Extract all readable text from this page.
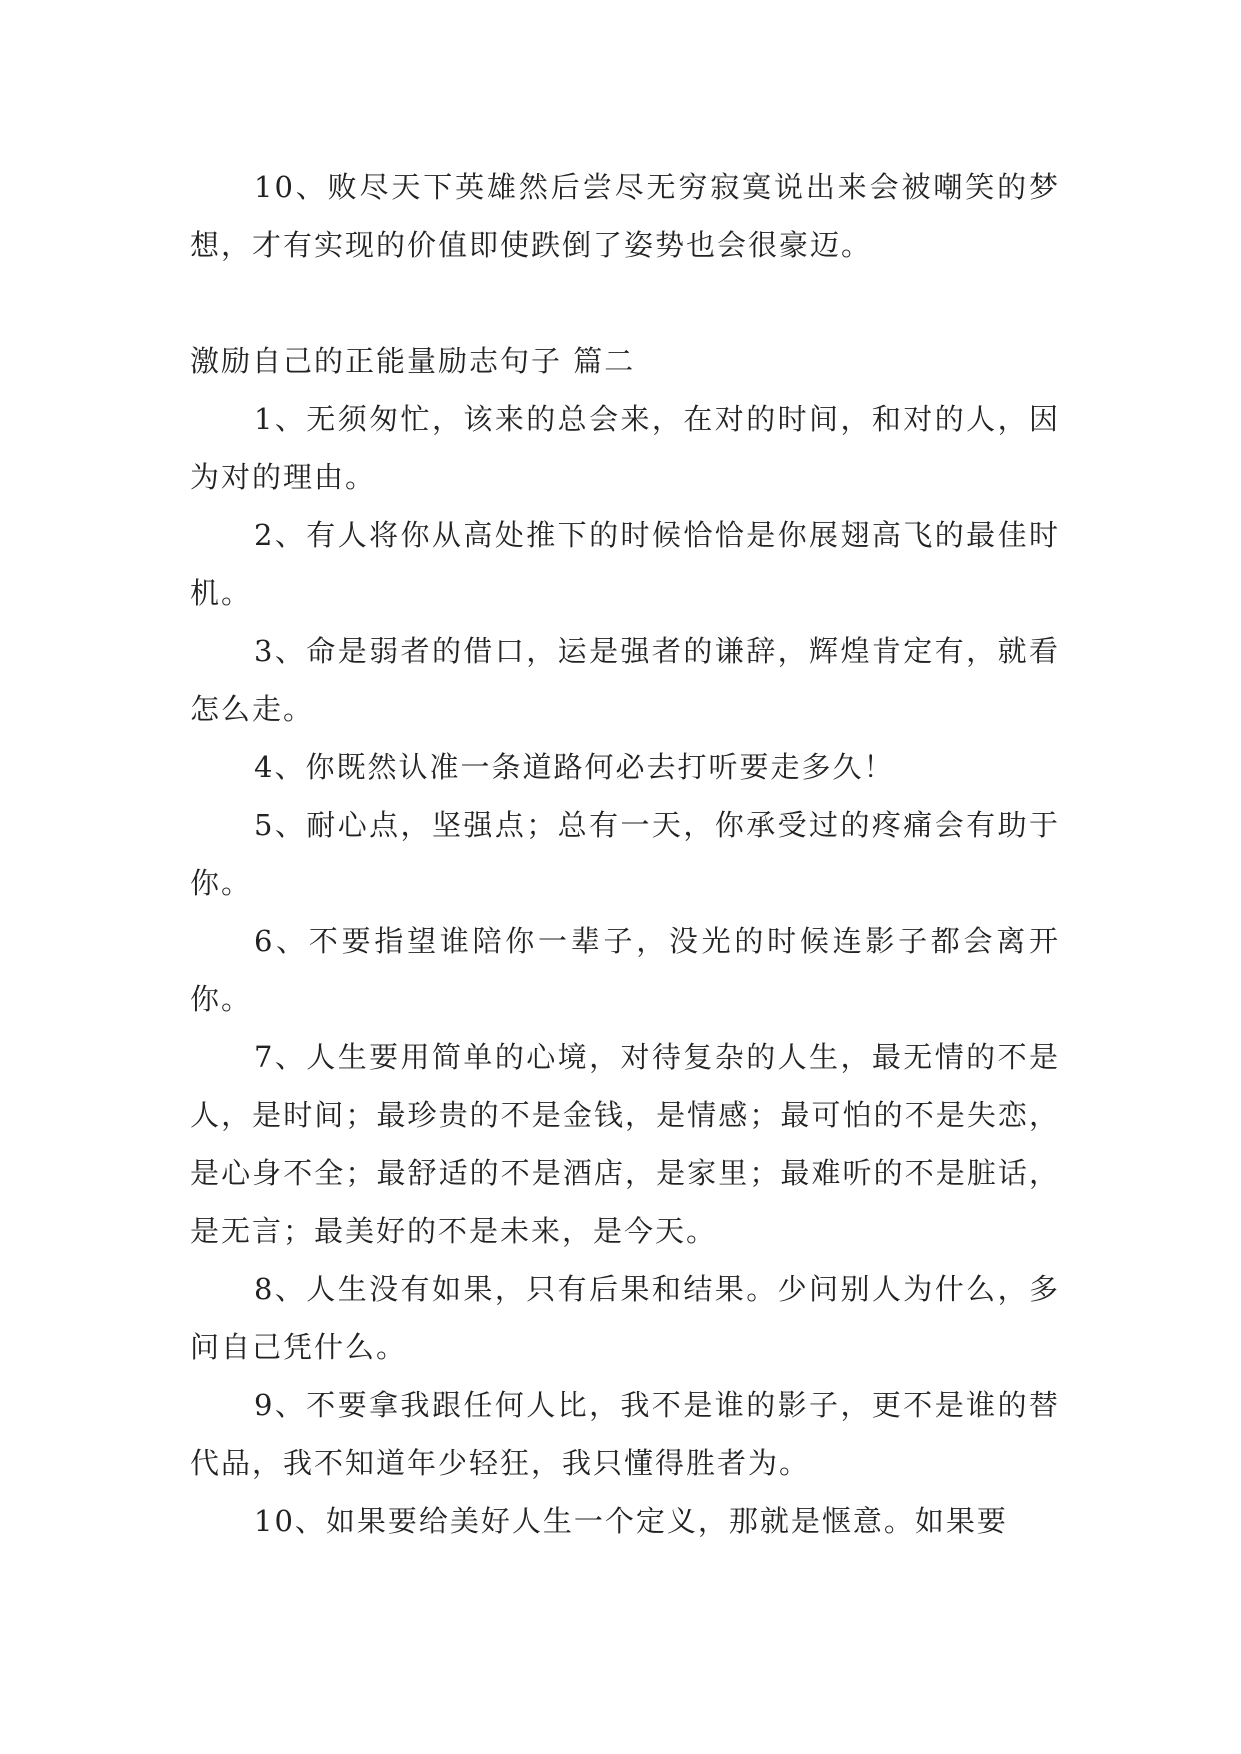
10、败尽天下英雄然后尝尽无穷寂寞说出来会被嘲笑的梦想，才有实现的价值即使跌倒了姿势也会很豪迈。

激励自己的正能量励志句子 篇二

1、无须匆忙，该来的总会来，在对的时间，和对的人，因为对的理由。

2、有人将你从高处推下的时候恰恰是你展翅高飞的最佳时机。

3、命是弱者的借口，运是强者的谦辞，辉煌肯定有，就看怎么走。

4、你既然认准一条道路何必去打听要走多久！

5、耐心点，坚强点；总有一天，你承受过的疼痛会有助于你。

6、不要指望谁陪你一辈子，没光的时候连影子都会离开你。

7、人生要用简单的心境，对待复杂的人生，最无情的不是人，是时间；最珍贵的不是金钱，是情感；最可怕的不是失恋，是心身不全；最舒适的不是酒店，是家里；最难听的不是脏话，是无言；最美好的不是未来，是今天。

8、人生没有如果，只有后果和结果。少问别人为什么，多问自己凭什么。

9、不要拿我跟任何人比，我不是谁的影子，更不是谁的替代品，我不知道年少轻狂，我只懂得胜者为。

10、如果要给美好人生一个定义，那就是惬意。如果要
